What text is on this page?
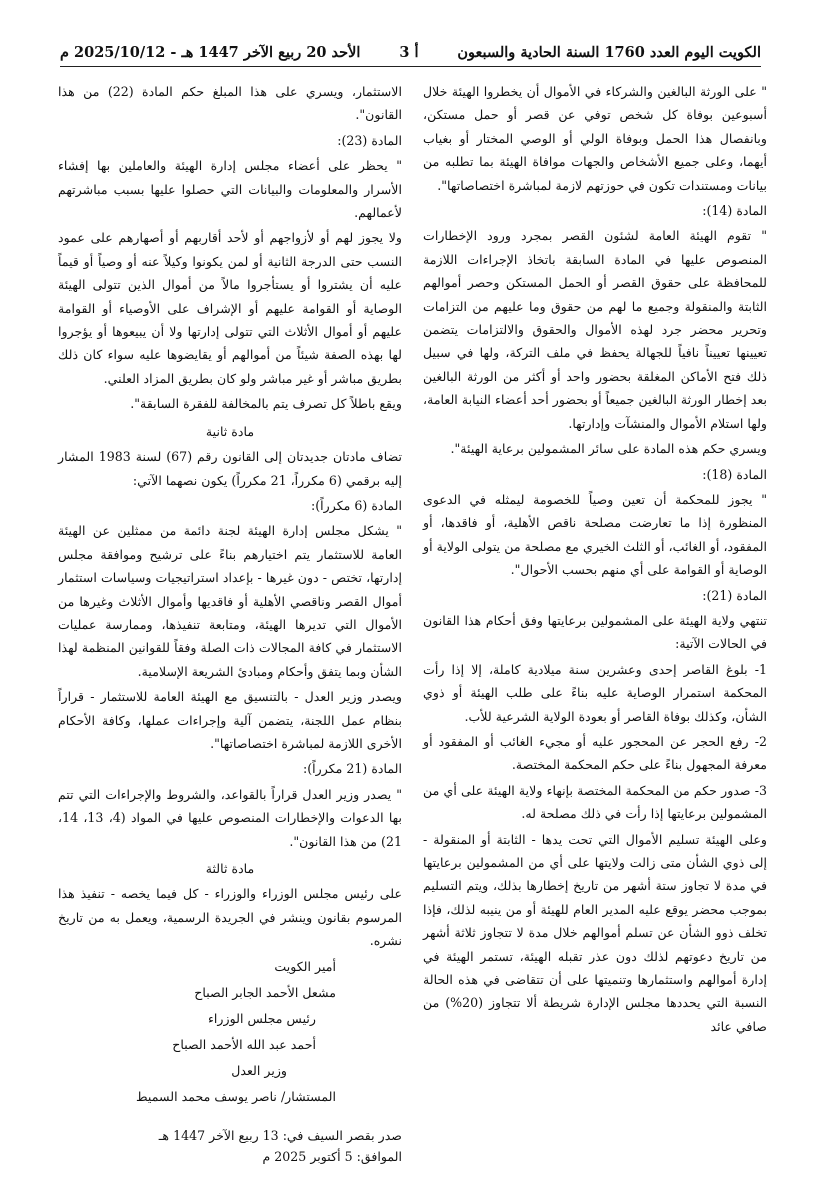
الكويت اليوم العدد 1760 السنة الحادية والسبعون
أ 3
الأحد 20 ربيع الآخر 1447 هـ - 2025/10/12 م

" على الورثة البالغين والشركاء في الأموال أن يخطروا الهيئة خلال أسبوعين بوفاة كل شخص توفي عن قصر أو حمل مستكن، وبانفصال هذا الحمل وبوفاة الولي أو الوصي المختار أو بغياب أيهما، وعلى جميع الأشخاص والجهات موافاة الهيئة بما تطلبه من بيانات ومستندات تكون في حوزتهم لازمة لمباشرة اختصاصاتها".

المادة (14):

" تقوم الهيئة العامة لشئون القصر بمجرد ورود الإخطارات المنصوص عليها في المادة السابقة باتخاذ الإجراءات اللازمة للمحافظة على حقوق القصر أو الحمل المستكن وحصر أموالهم الثابتة والمنقولة وجميع ما لهم من حقوق وما عليهم من التزامات وتحرير محضر جرد لهذه الأموال والحقوق والالتزامات يتضمن تعيينها تعييناً نافياً للجهالة يحفظ في ملف التركة، ولها في سبيل ذلك فتح الأماكن المغلقة بحضور واحد أو أكثر من الورثة البالغين بعد إخطار الورثة البالغين جميعاً أو بحضور أحد أعضاء النيابة العامة، ولها استلام الأموال والمنشآت وإدارتها.

ويسري حكم هذه المادة على سائر المشمولين برعاية الهيئة".

المادة (18):

" يجوز للمحكمة أن تعين وصياً للخصومة ليمثله في الدعوى المنظورة إذا ما تعارضت مصلحة ناقص الأهلية، أو فاقدها، أو المفقود، أو الغائب، أو الثلث الخيري مع مصلحة من يتولى الولاية أو الوصاية أو القوامة على أي منهم بحسب الأحوال".

المادة (21):

تنتهي ولاية الهيئة على المشمولين برعايتها وفق أحكام هذا القانون في الحالات الآتية:

1- بلوغ القاصر إحدى وعشرين سنة ميلادية كاملة، إلا إذا رأت المحكمة استمرار الوصاية عليه بناءً على طلب الهيئة أو ذوي الشأن، وكذلك بوفاة القاصر أو بعودة الولاية الشرعية للأب.

2- رفع الحجر عن المحجور عليه أو مجيء الغائب أو المفقود أو معرفة المجهول بناءً على حكم المحكمة المختصة.

3- صدور حكم من المحكمة المختصة بإنهاء ولاية الهيئة على أي من المشمولين برعايتها إذا رأت في ذلك مصلحة له.

وعلى الهيئة تسليم الأموال التي تحت يدها - الثابتة أو المنقولة - إلى ذوي الشأن متى زالت ولايتها على أي من المشمولين برعايتها في مدة لا تجاوز ستة أشهر من تاريخ إخطارها بذلك، ويتم التسليم بموجب محضر يوقع عليه المدير العام للهيئة أو من ينيبه لذلك، فإذا تخلف ذوو الشأن عن تسلم أموالهم خلال مدة لا تتجاوز ثلاثة أشهر من تاريخ دعوتهم لذلك دون عذر تقبله الهيئة، تستمر الهيئة في إدارة أموالهم واستثمارها وتنميتها على أن تتقاضى في هذه الحالة النسبة التي يحددها مجلس الإدارة شريطة ألا تتجاوز (20%) من صافي عائد

الاستثمار، ويسري على هذا المبلغ حكم المادة (22) من هذا القانون".

المادة (23):

" يحظر على أعضاء مجلس إدارة الهيئة والعاملين بها إفشاء الأسرار والمعلومات والبيانات التي حصلوا عليها بسبب مباشرتهم لأعمالهم.

ولا يجوز لهم أو لأزواجهم أو لأحد أقاربهم أو أصهارهم على عمود النسب حتى الدرجة الثانية أو لمن يكونوا وكيلاً عنه أو وصياً أو قيماً عليه أن يشتروا أو يستأجروا مالاً من أموال الذين تتولى الهيئة الوصاية أو القوامة عليهم أو الإشراف على الأوصياء أو القوامة عليهم أو أموال الأثلاث التي تتولى إدارتها ولا أن يبيعوها أو يؤجروا لها بهذه الصفة شيئاً من أموالهم أو يقايضوها عليه سواء كان ذلك بطريق مباشر أو غير مباشر ولو كان بطريق المزاد العلني.

ويقع باطلاً كل تصرف يتم بالمخالفة للفقرة السابقة".

مادة ثانية

تضاف مادتان جديدتان إلى القانون رقم (67) لسنة 1983 المشار إليه برقمي (6 مكرراً، 21 مكرراً) يكون نصهما الآتي:

المادة (6 مكرراً):

" يشكل مجلس إدارة الهيئة لجنة دائمة من ممثلين عن الهيئة العامة للاستثمار يتم اختيارهم بناءً على ترشيح وموافقة مجلس إدارتها، تختص - دون غيرها - بإعداد استراتيجيات وسياسات استثمار أموال القصر وناقصي الأهلية أو فاقديها وأموال الأثلاث وغيرها من الأموال التي تديرها الهيئة، ومتابعة تنفيذها، وممارسة عمليات الاستثمار في كافة المجالات ذات الصلة وفقاً للقوانين المنظمة لهذا الشأن وبما يتفق وأحكام ومبادئ الشريعة الإسلامية.

ويصدر وزير العدل - بالتنسيق مع الهيئة العامة للاستثمار - قراراً بنظام عمل اللجنة، يتضمن آلية وإجراءات عملها، وكافة الأحكام الأخرى اللازمة لمباشرة اختصاصاتها".

المادة (21 مكرراً):

" يصدر وزير العدل قراراً بالقواعد، والشروط والإجراءات التي تتم بها الدعوات والإخطارات المنصوص عليها في المواد (4، 13، 14، 21) من هذا القانون".

مادة ثالثة

على رئيس مجلس الوزراء والوزراء - كل فيما يخصه - تنفيذ هذا المرسوم بقانون وينشر في الجريدة الرسمية، ويعمل به من تاريخ نشره.

أمير الكويت

مشعل الأحمد الجابر الصباح

رئيس مجلس الوزراء

أحمد عبد الله الأحمد الصباح

وزير العدل

المستشار/ ناصر يوسف محمد السميط

صدر بقصر السيف في: 13 ربيع الآخر 1447 هـ

الموافق: 5 أكتوبر 2025 م
